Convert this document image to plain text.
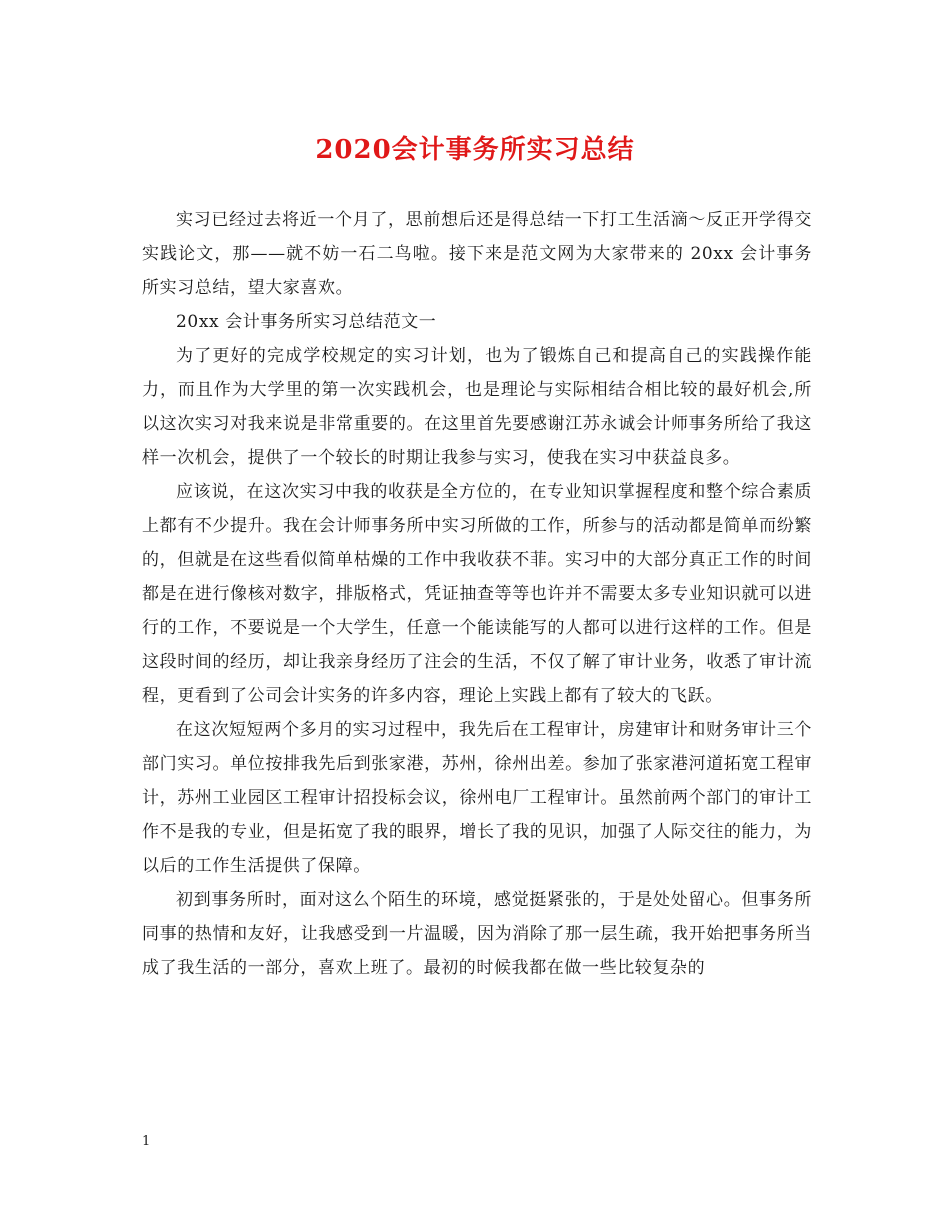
2020会计事务所实习总结

实习已经过去将近一个月了，思前想后还是得总结一下打工生活滴～反正开学得交实践论文，那——就不妨一石二鸟啦。接下来是范文网为大家带来的 20xx 会计事务所实习总结，望大家喜欢。

20xx 会计事务所实习总结范文一

为了更好的完成学校规定的实习计划，也为了锻炼自己和提高自己的实践操作能力，而且作为大学里的第一次实践机会，也是理论与实际相结合相比较的最好机会,所以这次实习对我来说是非常重要的。在这里首先要感谢江苏永诚会计师事务所给了我这样一次机会，提供了一个较长的时期让我参与实习，使我在实习中获益良多。

应该说，在这次实习中我的收获是全方位的，在专业知识掌握程度和整个综合素质上都有不少提升。我在会计师事务所中实习所做的工作，所参与的活动都是简单而纷繁的，但就是在这些看似简单枯燥的工作中我收获不菲。实习中的大部分真正工作的时间都是在进行像核对数字，排版格式，凭证抽查等等也许并不需要太多专业知识就可以进行的工作，不要说是一个大学生，任意一个能读能写的人都可以进行这样的工作。但是这段时间的经历，却让我亲身经历了注会的生活，不仅了解了审计业务，收悉了审计流程，更看到了公司会计实务的许多内容，理论上实践上都有了较大的飞跃。

在这次短短两个多月的实习过程中，我先后在工程审计，房建审计和财务审计三个部门实习。单位按排我先后到张家港，苏州，徐州出差。参加了张家港河道拓宽工程审计，苏州工业园区工程审计招投标会议，徐州电厂工程审计。虽然前两个部门的审计工作不是我的专业，但是拓宽了我的眼界，增长了我的见识，加强了人际交往的能力，为以后的工作生活提供了保障。

初到事务所时，面对这么个陌生的环境，感觉挺紧张的，于是处处留心。但事务所同事的热情和友好，让我感受到一片温暖，因为消除了那一层生疏，我开始把事务所当成了我生活的一部分，喜欢上班了。最初的时候我都在做一些比较复杂的

1
